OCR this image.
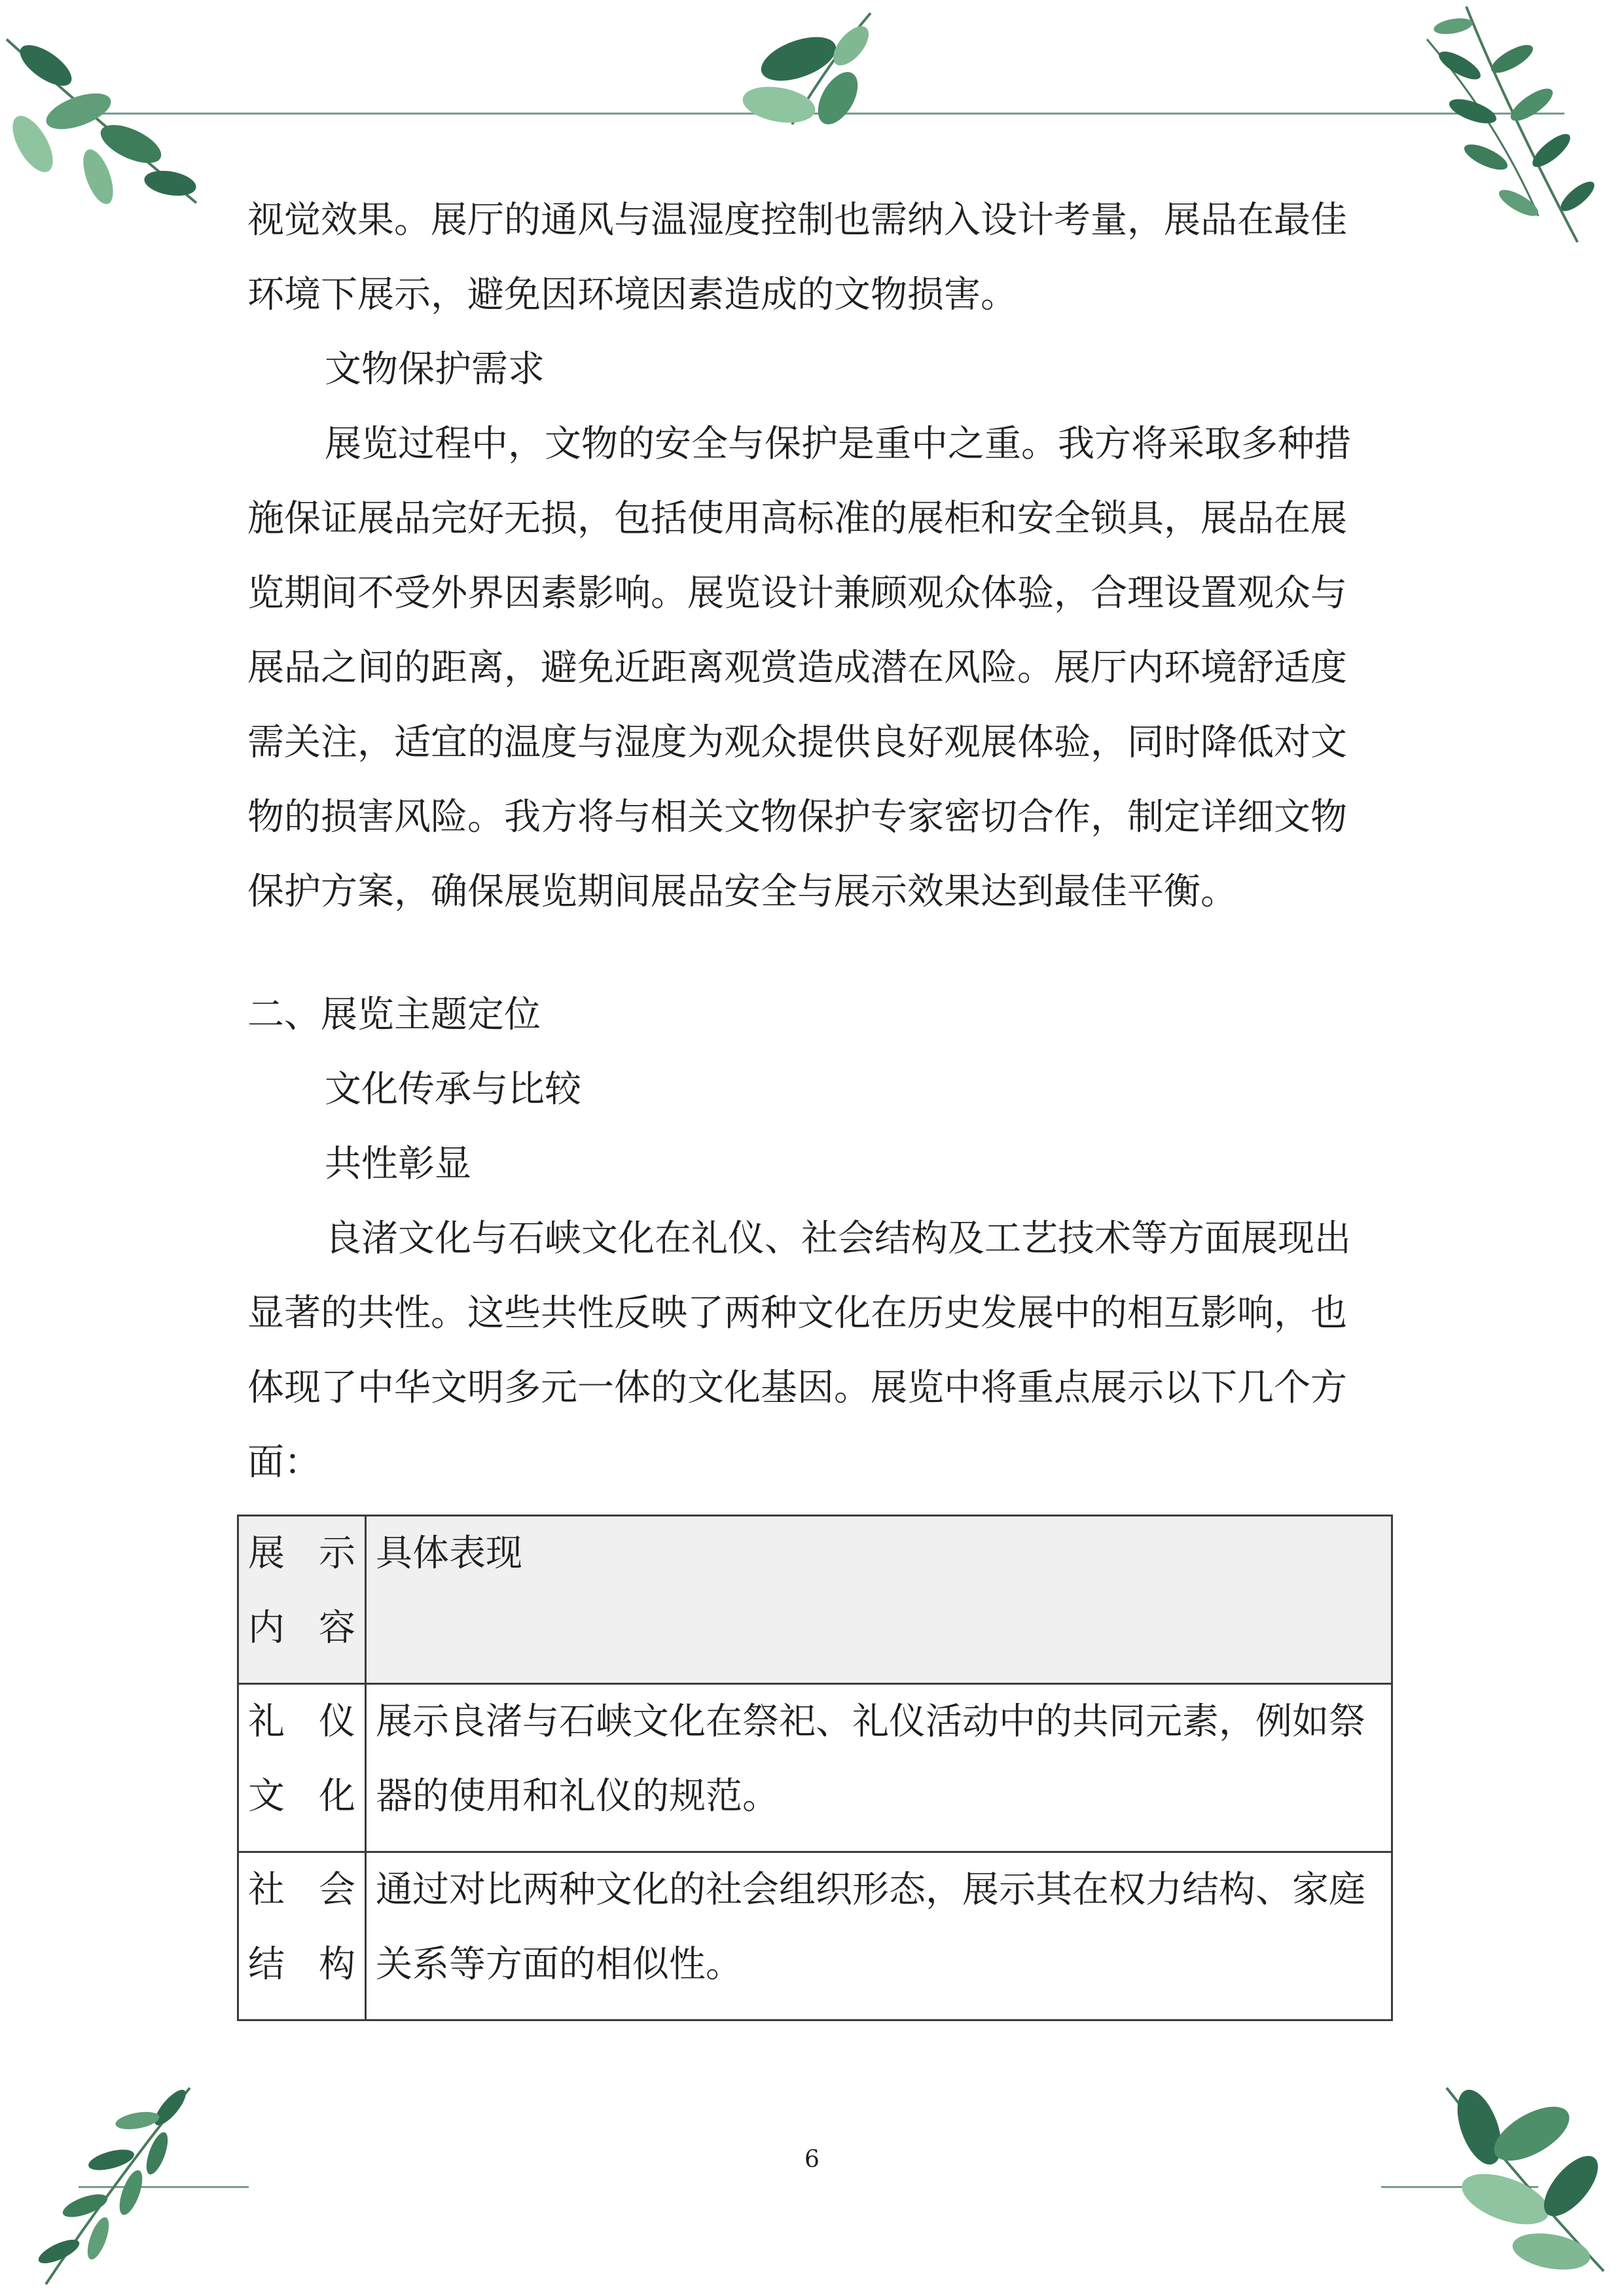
视觉效果。展厅的通风与温湿度控制也需纳入设计考量，展品在最佳环境下展示，避免因环境因素造成的文物损害。

文物保护需求

展览过程中，文物的安全与保护是重中之重。我方将采取多种措施保证展品完好无损，包括使用高标准的展柜和安全锁具，展品在展览期间不受外界因素影响。展览设计兼顾观众体验，合理设置观众与展品之间的距离，避免近距离观赏造成潜在风险。展厅内环境舒适度需关注，适宜的温度与湿度为观众提供良好观展体验，同时降低对文物的损害风险。我方将与相关文物保护专家密切合作，制定详细文物保护方案，确保展览期间展品安全与展示效果达到最佳平衡。

二、展览主题定位

文化传承与比较

共性彰显

良渚文化与石峡文化在礼仪、社会结构及工艺技术等方面展现出显著的共性。这些共性反映了两种文化在历史发展中的相互影响，也体现了中华文明多元一体的文化基因。展览中将重点展示以下几个方面：

展示内容	具体表现
礼仪文化	展示良渚与石峡文化在祭祀、礼仪活动中的共同元素，例如祭器的使用和礼仪的规范。
社会结构	通过对比两种文化的社会组织形态，展示其在权力结构、家庭关系等方面的相似性。
6
